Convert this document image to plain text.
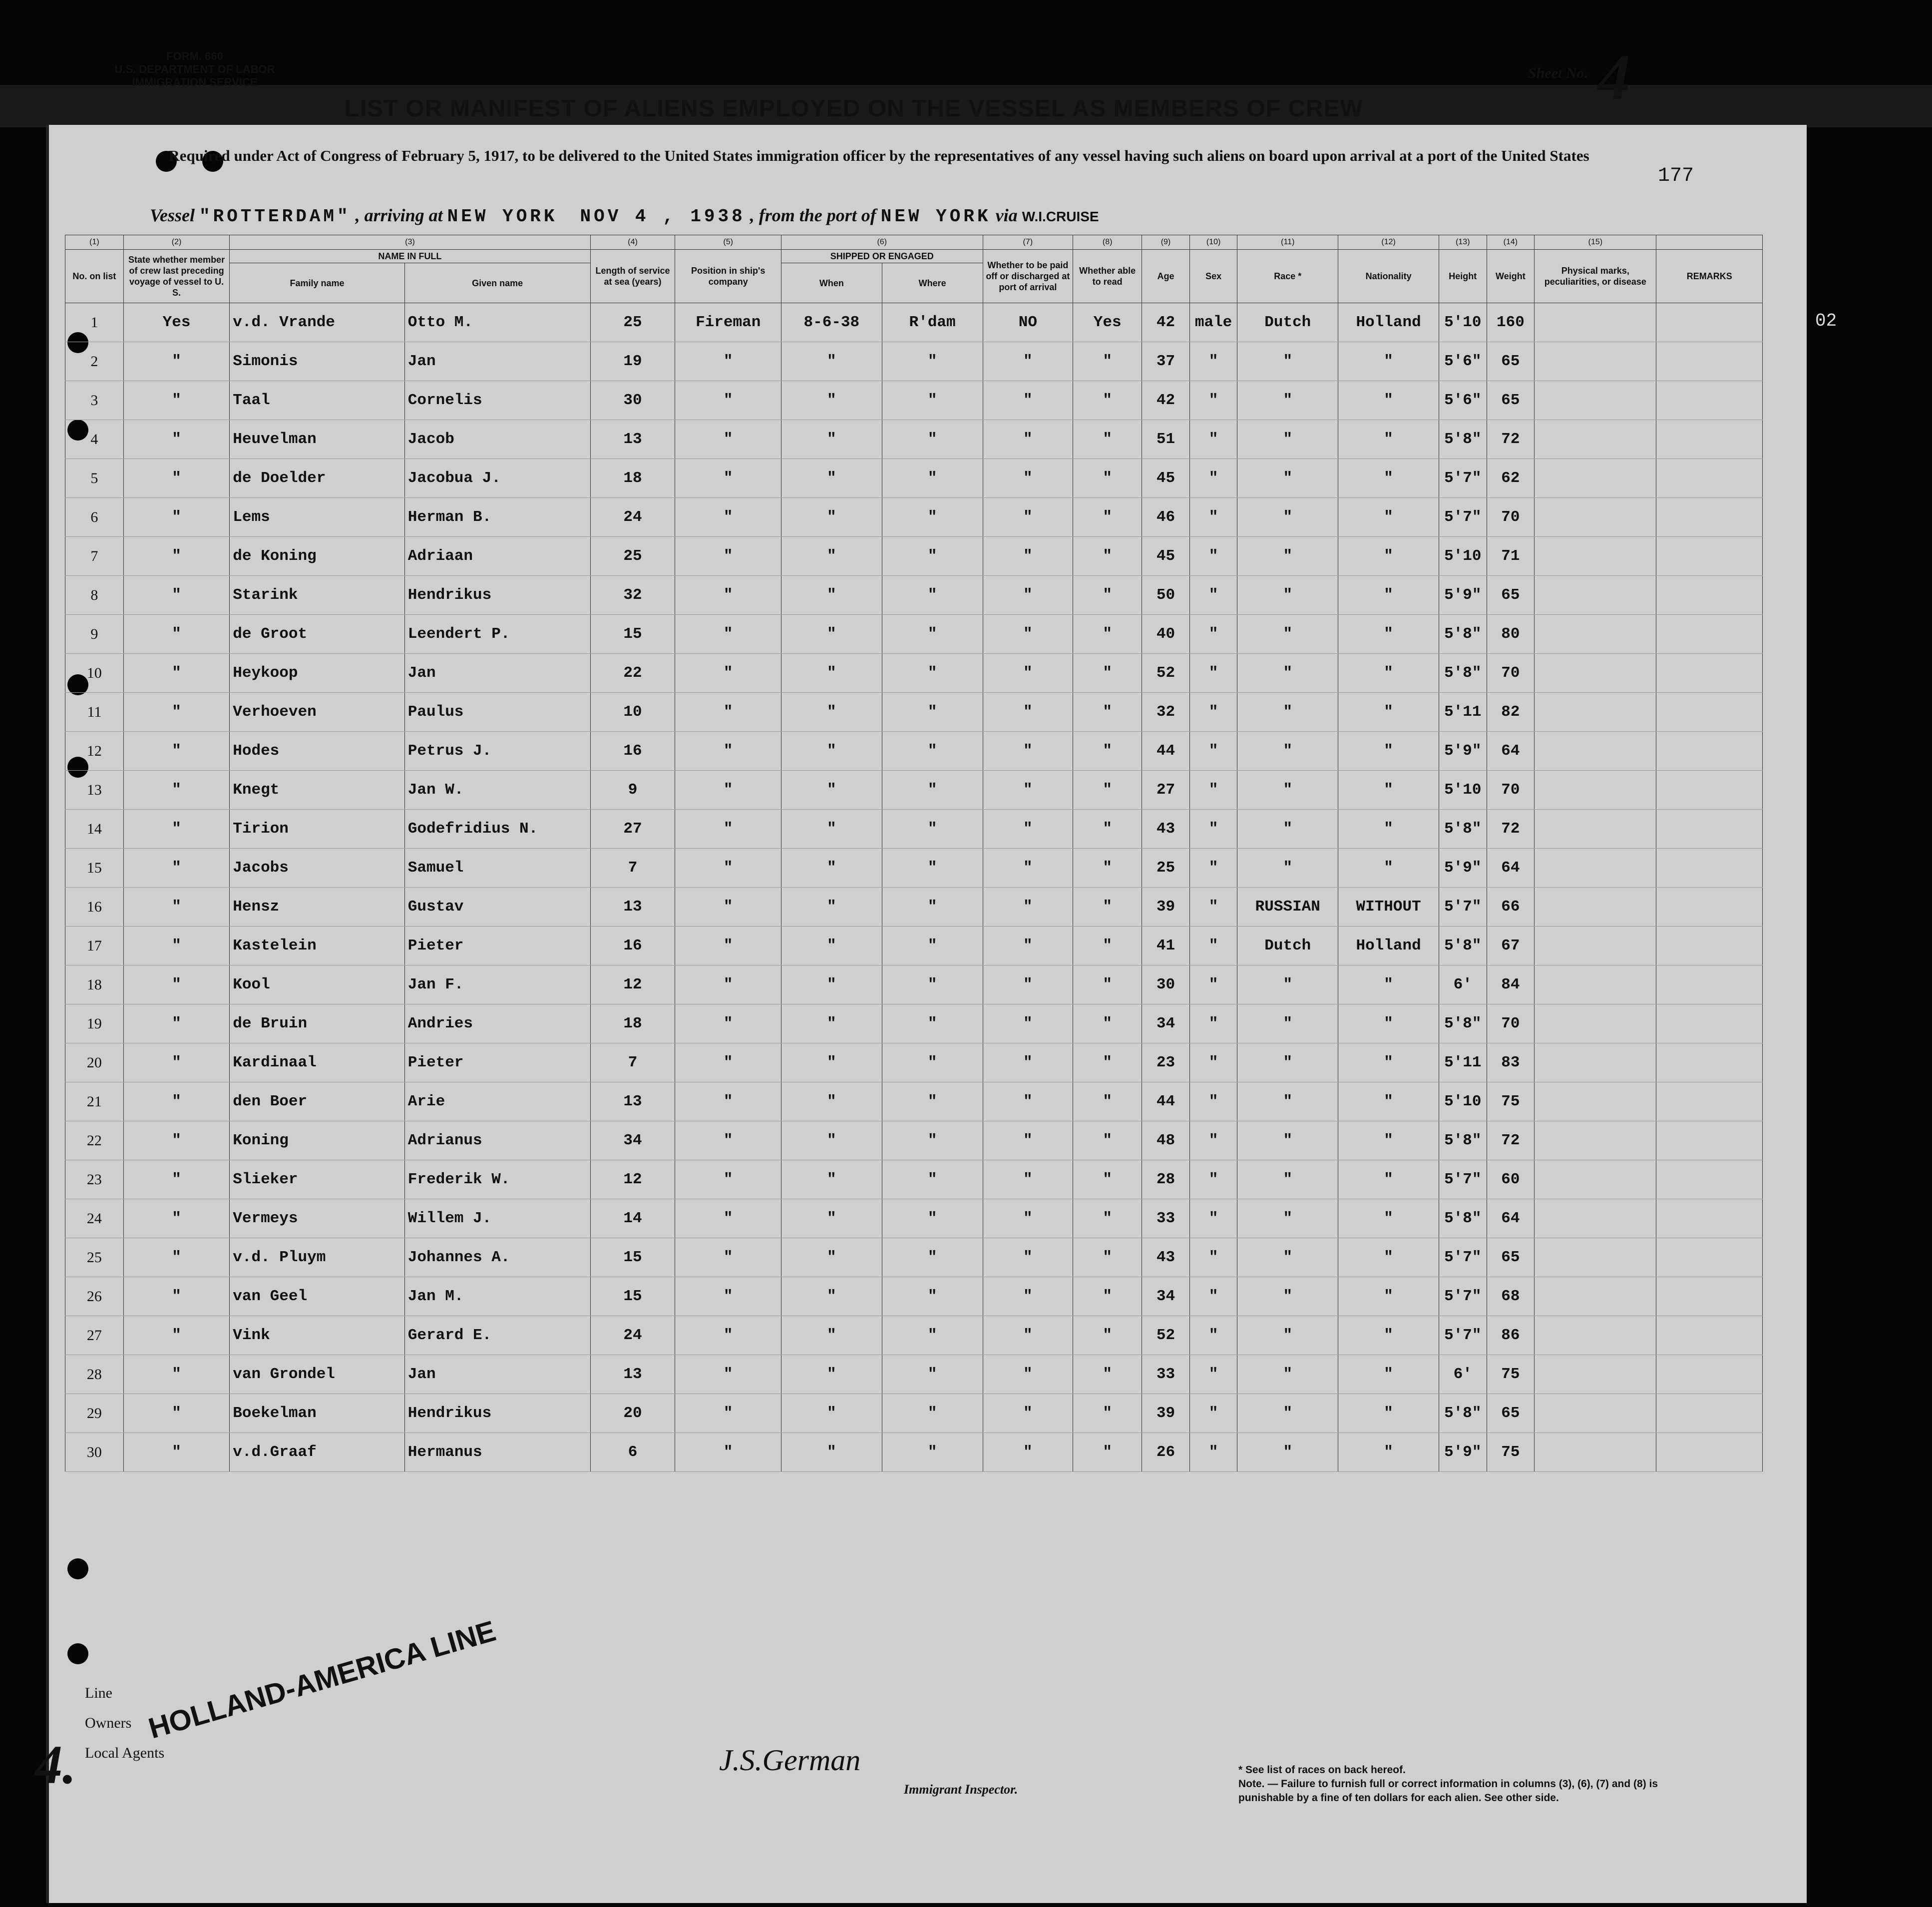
FORM. 660
U.S. DEPARTMENT OF LABOR
IMMIGRATION SERVICE
Sheet No. 4
LIST OR MANIFEST OF ALIENS EMPLOYED ON THE VESSEL AS MEMBERS OF CREW
Required under Act of Congress of February 5, 1917, to be delivered to the United States immigration officer by the representatives of any vessel having such aliens on board upon arrival at a port of the United States
177
02
Vessel "ROTTERDAM" , arriving at NEW YORK NOV 4 , 1938 , from the port of NEW YORK via W.I.CRUISE
(1)	(2)	(3)		(4)	(5)	(6)		(7)	(8)	(9)	(10)	(11)	(12)	(13)	(14)	(15)	
No. on list	State whether member of crew last preceding voyage of vessel to U. S.	NAME IN FULL		Length of service at sea (years)	Position in ship's company	SHIPPED OR ENGAGED		Whether to be paid off or discharged at port of arrival	Whether able to read	Age	Sex	Race *	Nationality	Height	Weight	Physical marks, peculiarities, or disease	REMARKS
		Family name	Given name			When	Where										
1	Yes	v.d. Vrande	Otto M.	25	Fireman	8-6-38	R'dam	NO	Yes	42	male	Dutch	Holland	5'10	160		
2	"	Simonis	Jan	19	"	"	"	"	"	37	"	"	"	5'6"	65		
3	"	Taal	Cornelis	30	"	"	"	"	"	42	"	"	"	5'6"	65		
4	"	Heuvelman	Jacob	13	"	"	"	"	"	51	"	"	"	5'8"	72		
5	"	de Doelder	Jacobua J.	18	"	"	"	"	"	45	"	"	"	5'7"	62		
6	"	Lems	Herman B.	24	"	"	"	"	"	46	"	"	"	5'7"	70		
7	"	de Koning	Adriaan	25	"	"	"	"	"	45	"	"	"	5'10	71		
8	"	Starink	Hendrikus	32	"	"	"	"	"	50	"	"	"	5'9"	65		
9	"	de Groot	Leendert P.	15	"	"	"	"	"	40	"	"	"	5'8"	80		
10	"	Heykoop	Jan	22	"	"	"	"	"	52	"	"	"	5'8"	70		
11	"	Verhoeven	Paulus	10	"	"	"	"	"	32	"	"	"	5'11	82		
12	"	Hodes	Petrus J.	16	"	"	"	"	"	44	"	"	"	5'9"	64		
13	"	Knegt	Jan W.	9	"	"	"	"	"	27	"	"	"	5'10	70		
14	"	Tirion	Godefridius N.	27	"	"	"	"	"	43	"	"	"	5'8"	72		
15	"	Jacobs	Samuel	7	"	"	"	"	"	25	"	"	"	5'9"	64		
16	"	Hensz	Gustav	13	"	"	"	"	"	39	"	RUSSIAN	WITHOUT	5'7"	66		
17	"	Kastelein	Pieter	16	"	"	"	"	"	41	"	Dutch	Holland	5'8"	67		
18	"	Kool	Jan F.	12	"	"	"	"	"	30	"	"	"	6'	84		
19	"	de Bruin	Andries	18	"	"	"	"	"	34	"	"	"	5'8"	70		
20	"	Kardinaal	Pieter	7	"	"	"	"	"	23	"	"	"	5'11	83		
21	"	den Boer	Arie	13	"	"	"	"	"	44	"	"	"	5'10	75		
22	"	Koning	Adrianus	34	"	"	"	"	"	48	"	"	"	5'8"	72		
23	"	Slieker	Frederik W.	12	"	"	"	"	"	28	"	"	"	5'7"	60		
24	"	Vermeys	Willem J.	14	"	"	"	"	"	33	"	"	"	5'8"	64		
25	"	v.d. Pluym	Johannes A.	15	"	"	"	"	"	43	"	"	"	5'7"	65		
26	"	van Geel	Jan M.	15	"	"	"	"	"	34	"	"	"	5'7"	68		
27	"	Vink	Gerard E.	24	"	"	"	"	"	52	"	"	"	5'7"	86		
28	"	van Grondel	Jan	13	"	"	"	"	"	33	"	"	"	6'	75		
29	"	Boekelman	Hendrikus	20	"	"	"	"	"	39	"	"	"	5'8"	65		
30	"	v.d.Graaf	Hermanus	6	"	"	"	"	"	26	"	"	"	5'9"	75		
Line
Owners
Local Agents
HOLLAND-AMERICA LINE
4.	J.S.German
Immigrant Inspector.
* See list of races on back hereof.
Note. — Failure to furnish full or correct information in columns (3), (6), (7) and (8) is punishable by a fine of ten dollars for each alien. See other side.
